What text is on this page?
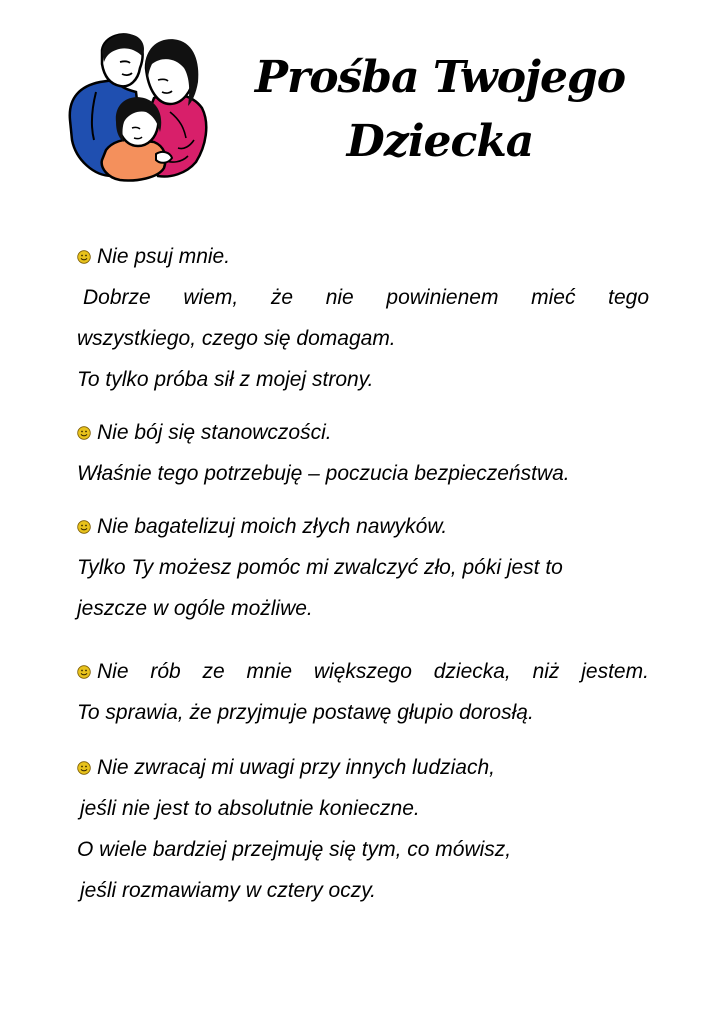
Prośba Twojego
Dziecka
Nie psuj mnie.
Dobrze wiem, że nie powinienem mieć tego
wszystkiego, czego się domagam.
To tylko próba sił z mojej strony.
Nie bój się stanowczości.
Właśnie tego potrzebuję – poczucia bezpieczeństwa.
Nie bagatelizuj moich złych nawyków.
Tylko Ty możesz pomóc mi zwalczyć zło, póki jest to
jeszcze w ogóle możliwe.
Nie rób ze mnie większego dziecka, niż jestem.
To sprawia, że przyjmuje postawę głupio dorosłą.
Nie zwracaj mi uwagi przy innych ludziach,
jeśli nie jest to absolutnie konieczne.
O wiele bardziej przejmuję się tym, co mówisz,
jeśli rozmawiamy w cztery oczy.
